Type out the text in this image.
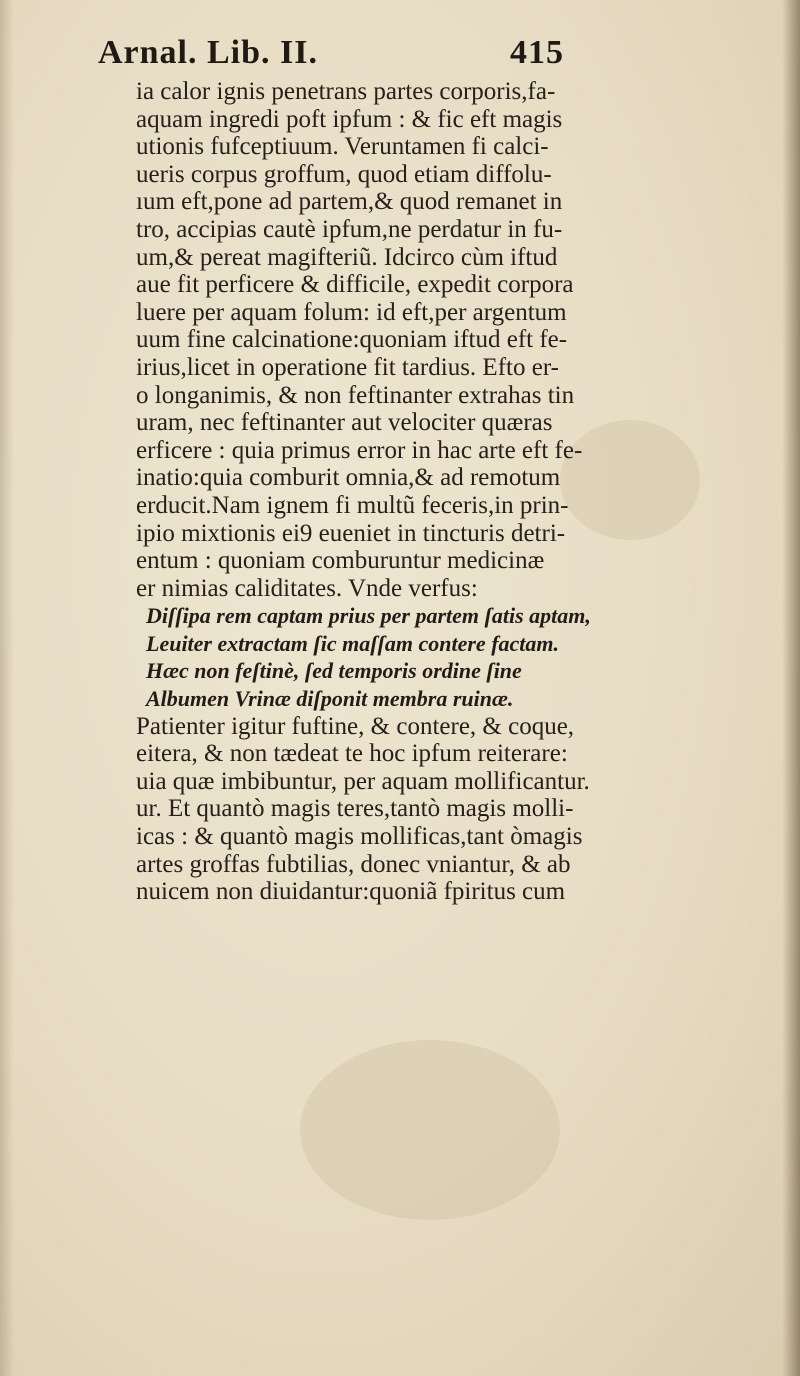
Arnal. Lib. II.	415
ia calor ignis penetrans partes corporis,fa-
aquam ingredi poft ipfum : & fic eft magis
utionis fufceptiuum. Veruntamen fi calci-
ueris corpus groffum, quod etiam diffolu-
ıum eft,pone ad partem,& quod remanet in
tro, accipias cautè ipfum,ne perdatur in fu-
um,& pereat magifteriũ. Idcirco cùm iftud
aue fit perficere & difficile, expedit corpora
luere per aquam folum: id eft,per argentum
uum fine calcinatione:quoniam iftud eft fe-
irius,licet in operatione fit tardius. Efto er-
o longanimis, & non feftinanter extrahas tin
uram, nec feftinanter aut velociter quæras
erficere : quia primus error in hac arte eft fe-
inatio:quia comburit omnia,& ad remotum
erducit.Nam ignem fi multũ feceris,in prin-
ipio mixtionis ei9 eueniet in tincturis detri-
entum : quoniam comburuntur medicinæ
er nimias caliditates. Vnde verfus:
Diſſipa rem captam prius per partem ſatis aptam,
Leuiter extractam ſic maſſam contere factam.
Hæc non feſtinè, ſed temporis ordine ſine
Albumen Vrinæ diſponit membra ruinæ.
Patienter igitur fuftine, & contere, & coque,
eitera, & non tædeat te hoc ipfum reiterare:
uia quæ imbibuntur, per aquam mollificantur.
ur. Et quantò magis teres,tantò magis molli-
icas : & quantò magis mollificas,tant òmagis
artes groffas fubtilias, donec vniantur, & ab
nuicem non diuidantur:quoniã fpiritus cum
